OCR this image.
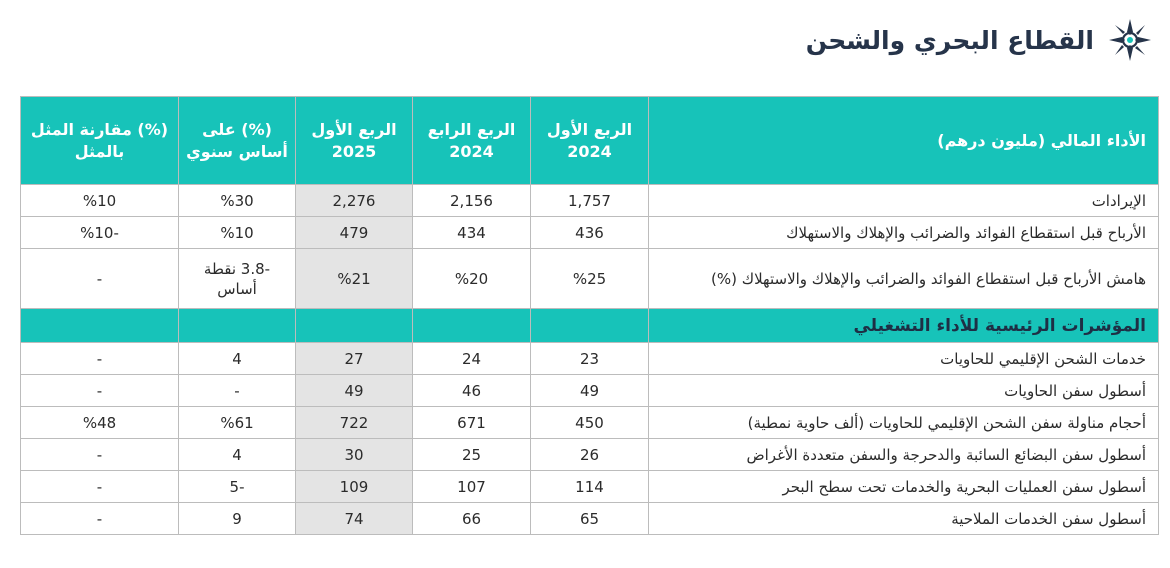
القطاع البحري والشحن
الأداء المالي (مليون درهم)	الربع الأول 2024	الربع الرابع 2024	الربع الأول 2025	(%) على أساس سنوي	(%) مقارنة المثل بالمثل
الإيرادات	1,757	2,156	2,276	%30	%10
الأرباح قبل استقطاع الفوائد والضرائب والإهلاك والاستهلاك	436	434	479	%10	-%10
هامش الأرباح قبل استقطاع الفوائد والضرائب والإهلاك والاستهلاك (%)	%25	%20	%21	-3.8 نقطة أساس	-
المؤشرات الرئيسية للأداء التشغيلي					
خدمات الشحن الإقليمي للحاويات	23	24	27	4	-
أسطول سفن الحاويات	49	46	49	-	-
أحجام مناولة سفن الشحن الإقليمي للحاويات (ألف حاوية نمطية)	450	671	722	%61	%48
أسطول سفن البضائع السائبة والدحرجة والسفن متعددة الأغراض	26	25	30	4	-
أسطول سفن العمليات البحرية والخدمات تحت سطح البحر	114	107	109	-5	-
أسطول سفن الخدمات الملاحية	65	66	74	9	-
